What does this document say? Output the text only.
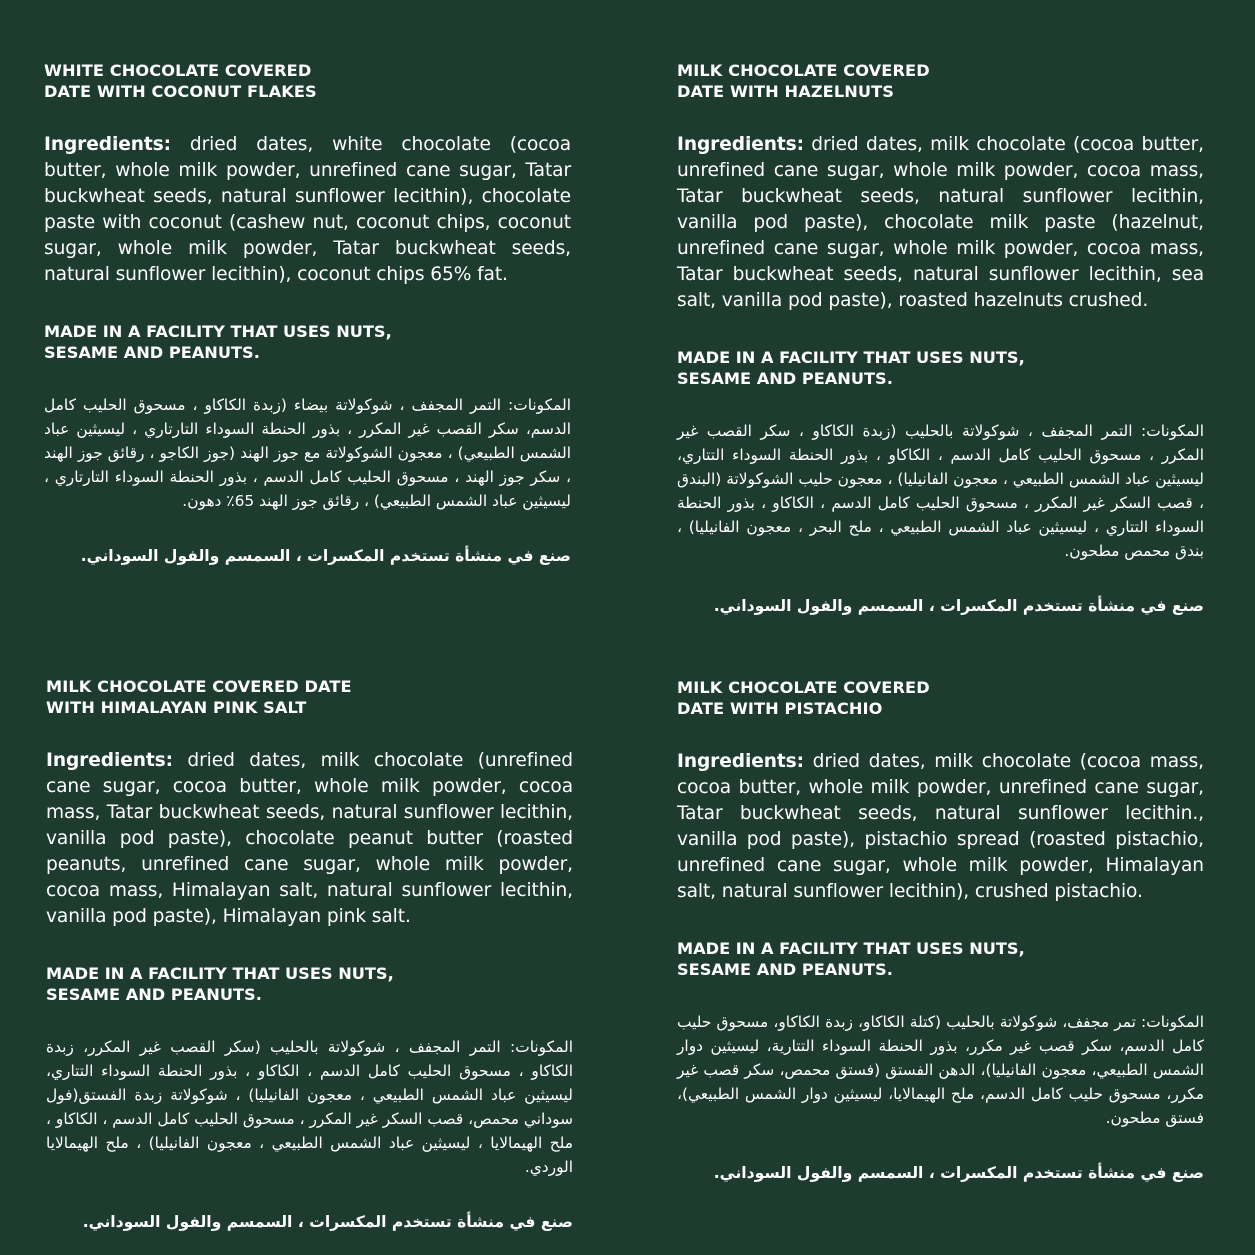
WHITE CHOCOLATE COVERED
DATE WITH COCONUT FLAKES

Ingredients: dried dates, white chocolate (cocoa butter, whole milk powder, unrefined cane sugar, Tatar buckwheat seeds, natural sunflower lecithin), chocolate paste with coconut (cashew nut, coconut chips, coconut sugar, whole milk powder, Tatar buckwheat seeds, natural sunflower lecithin), coconut chips 65% fat.

MADE IN A FACILITY THAT USES NUTS,
SESAME AND PEANUTS.

المكونات: التمر المجفف ، شوكولاتة بيضاء (زبدة الكاكاو ، مسحوق الحليب كامل الدسم، سكر القصب غير المكرر ، بذور الحنطة السوداء التارتاري ، ليسيثين عباد الشمس الطبيعي) ، معجون الشوكولاتة مع جوز الهند (جوز الكاجو ، رقائق جوز الهند ، سكر جوز الهند ، مسحوق الحليب كامل الدسم ، بذور الحنطة السوداء التارتاري ، ليسيثين عباد الشمس الطبيعي) ، رقائق جوز الهند 65٪ دهون.

صنع في منشأة تستخدم المكسرات ، السمسم والفول السوداني.

MILK CHOCOLATE COVERED
DATE WITH HAZELNUTS

Ingredients: dried dates, milk chocolate (cocoa butter, unrefined cane sugar, whole milk powder, cocoa mass, Tatar buckwheat seeds, natural sunflower lecithin, vanilla pod paste), chocolate milk paste (hazelnut, unrefined cane sugar, whole milk powder, cocoa mass, Tatar buckwheat seeds, natural sunflower lecithin, sea salt, vanilla pod paste), roasted hazelnuts crushed.

MADE IN A FACILITY THAT USES NUTS,
SESAME AND PEANUTS.

المكونات: التمر المجفف ، شوكولاتة بالحليب (زبدة الكاكاو ، سكر القصب غير المكرر ، مسحوق الحليب كامل الدسم ، الكاكاو ، بذور الحنطة السوداء التتاري، ليسيثين عباد الشمس الطبيعي ، معجون الفانيليا) ، معجون حليب الشوكولاتة (البندق ، قصب السكر غير المكرر ، مسحوق الحليب كامل الدسم ، الكاكاو ، بذور الحنطة السوداء التتاري ، ليسيثين عباد الشمس الطبيعي ، ملح البحر ، معجون الفانيليا) ، بندق محمص مطحون.

صنع في منشأة تستخدم المكسرات ، السمسم والفول السوداني.

MILK CHOCOLATE COVERED DATE
WITH HIMALAYAN PINK SALT

Ingredients: dried dates, milk chocolate (unrefined cane sugar, cocoa butter, whole milk powder, cocoa mass, Tatar buckwheat seeds, natural sunflower lecithin, vanilla pod paste), chocolate peanut butter (roasted peanuts, unrefined cane sugar, whole milk powder, cocoa mass, Himalayan salt, natural sunflower lecithin, vanilla pod paste), Himalayan pink salt.

MADE IN A FACILITY THAT USES NUTS,
SESAME AND PEANUTS.

المكونات: التمر المجفف ، شوكولاتة بالحليب (سكر القصب غير المكرر، زبدة الكاكاو ، مسحوق الحليب كامل الدسم ، الكاكاو ، بذور الحنطة السوداء التتاري، ليسيثين عباد الشمس الطبيعي ، معجون الفانيليا) ، شوكولاتة زبدة الفستق(فول سوداني محمص، قصب السكر غير المكرر ، مسحوق الحليب كامل الدسم ، الكاكاو ، ملح الهيمالايا ، ليسيثين عباد الشمس الطبيعي ، معجون الفانيليا) ، ملح الهيمالايا الوردي.

صنع في منشأة تستخدم المكسرات ، السمسم والفول السوداني.

MILK CHOCOLATE COVERED
DATE WITH PISTACHIO

Ingredients: dried dates, milk chocolate (cocoa mass, cocoa butter, whole milk powder, unrefined cane sugar, Tatar buckwheat seeds, natural sunflower lecithin., vanilla pod paste), pistachio spread (roasted pistachio, unrefined cane sugar, whole milk powder, Himalayan salt, natural sunflower lecithin), crushed pistachio.

MADE IN A FACILITY THAT USES NUTS,
SESAME AND PEANUTS.

المكونات: تمر مجفف، شوكولاتة بالحليب (كتلة الكاكاو، زبدة الكاكاو، مسحوق حليب كامل الدسم، سكر قصب غير مكرر، بذور الحنطة السوداء التتارية، ليسيثين دوار الشمس الطبيعي، معجون الفانيليا)، الدهن الفستق (فستق محمص، سكر قصب غير مكرر، مسحوق حليب كامل الدسم، ملح الهيمالايا، ليسيثين دوار الشمس الطبيعي)، فستق مطحون.

صنع في منشأة تستخدم المكسرات ، السمسم والفول السوداني.
